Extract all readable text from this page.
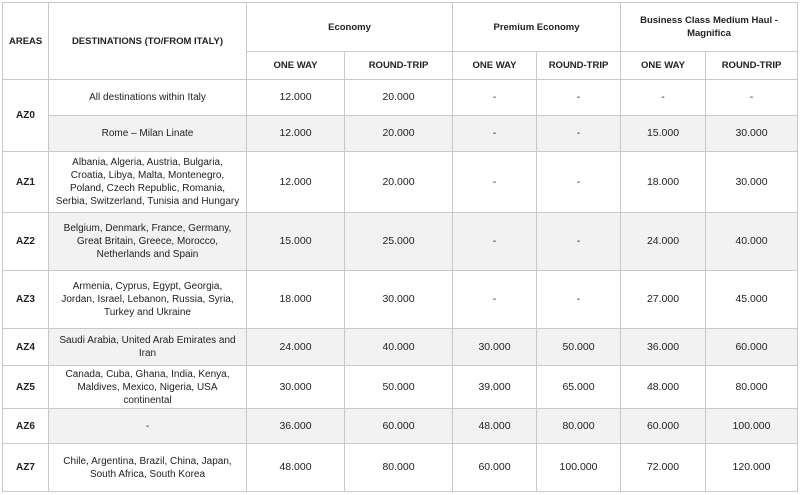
AREAS	DESTINATIONS (TO/FROM ITALY)	Economy		Premium Economy		Business Class Medium Haul - Magnifica	
		ONE WAY	ROUND-TRIP	ONE WAY	ROUND-TRIP	ONE WAY	ROUND-TRIP
AZ0	All destinations within Italy	12.000	20.000	-	-	-	-
	Rome – Milan Linate	12.000	20.000	-	-	15.000	30.000
AZ1	Albania, Algeria, Austria, Bulgaria, Croatia, Libya, Malta, Montenegro, Poland, Czech Republic, Romania, Serbia, Switzerland, Tunisia and Hungary	12.000	20.000	-	-	18.000	30.000
AZ2	Belgium, Denmark, France, Germany, Great Britain, Greece, Morocco, Netherlands and Spain	15.000	25.000	-	-	24.000	40.000
AZ3	Armenia, Cyprus, Egypt, Georgia, Jordan, Israel, Lebanon, Russia, Syria, Turkey and Ukraine	18.000	30.000	-	-	27.000	45.000
AZ4	Saudi Arabia, United Arab Emirates and Iran	24.000	40.000	30.000	50.000	36.000	60.000
AZ5	Canada, Cuba, Ghana, India, Kenya, Maldives, Mexico, Nigeria, USA continental	30.000	50.000	39.000	65.000	48.000	80.000
AZ6	-	36.000	60.000	48.000	80.000	60.000	100.000
AZ7	Chile, Argentina, Brazil, China, Japan, South Africa, South Korea	48.000	80.000	60.000	100.000	72.000	120.000
